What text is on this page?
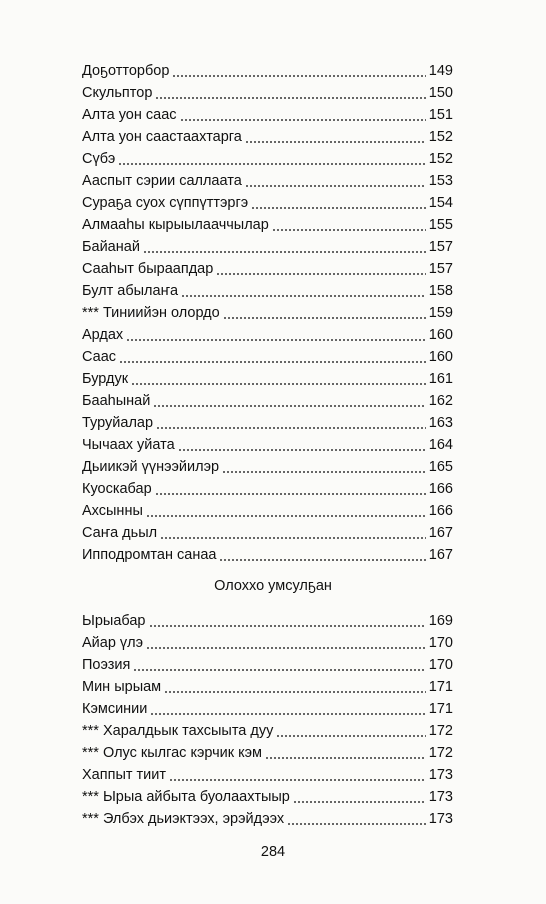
Доҕотторбор	149
Скульптор	150
Алта уон саас	151
Алта уон саастаахтарга	152
Сүбэ	152
Ааспыт сэрии саллаата	153
Сураҕа суох сүппүттэргэ	154
Алмааһы кырыылааччылар	155
Байанай	157
Сааһыт быраапдар	157
Булт абылаҥа	158
*** Тиниийэн олордо	159
Ардах	160
Саас	160
Бурдук	161
Бааһынай	162
Туруйалар	163
Чычаах уйата	164
Дьиикэй үүнээйилэр	165
Куоскабар	166
Ахсынны	166
Саҥа дьыл	167
Ипподромтан санаа	167
Олоххо умсулҕан
Ырыабар	169
Айар үлэ	170
Поэзия	170
Мин ырыам	171
Кэмсинии	171
*** Харалдьык тахсыыта дуу	172
*** Олус кылгас кэрчик кэм	172
Хаппыт тиит	173
*** Ырыа айбыта буолаахтыыр	173
*** Элбэх дьиэктээх, эрэйдээх	173
284
